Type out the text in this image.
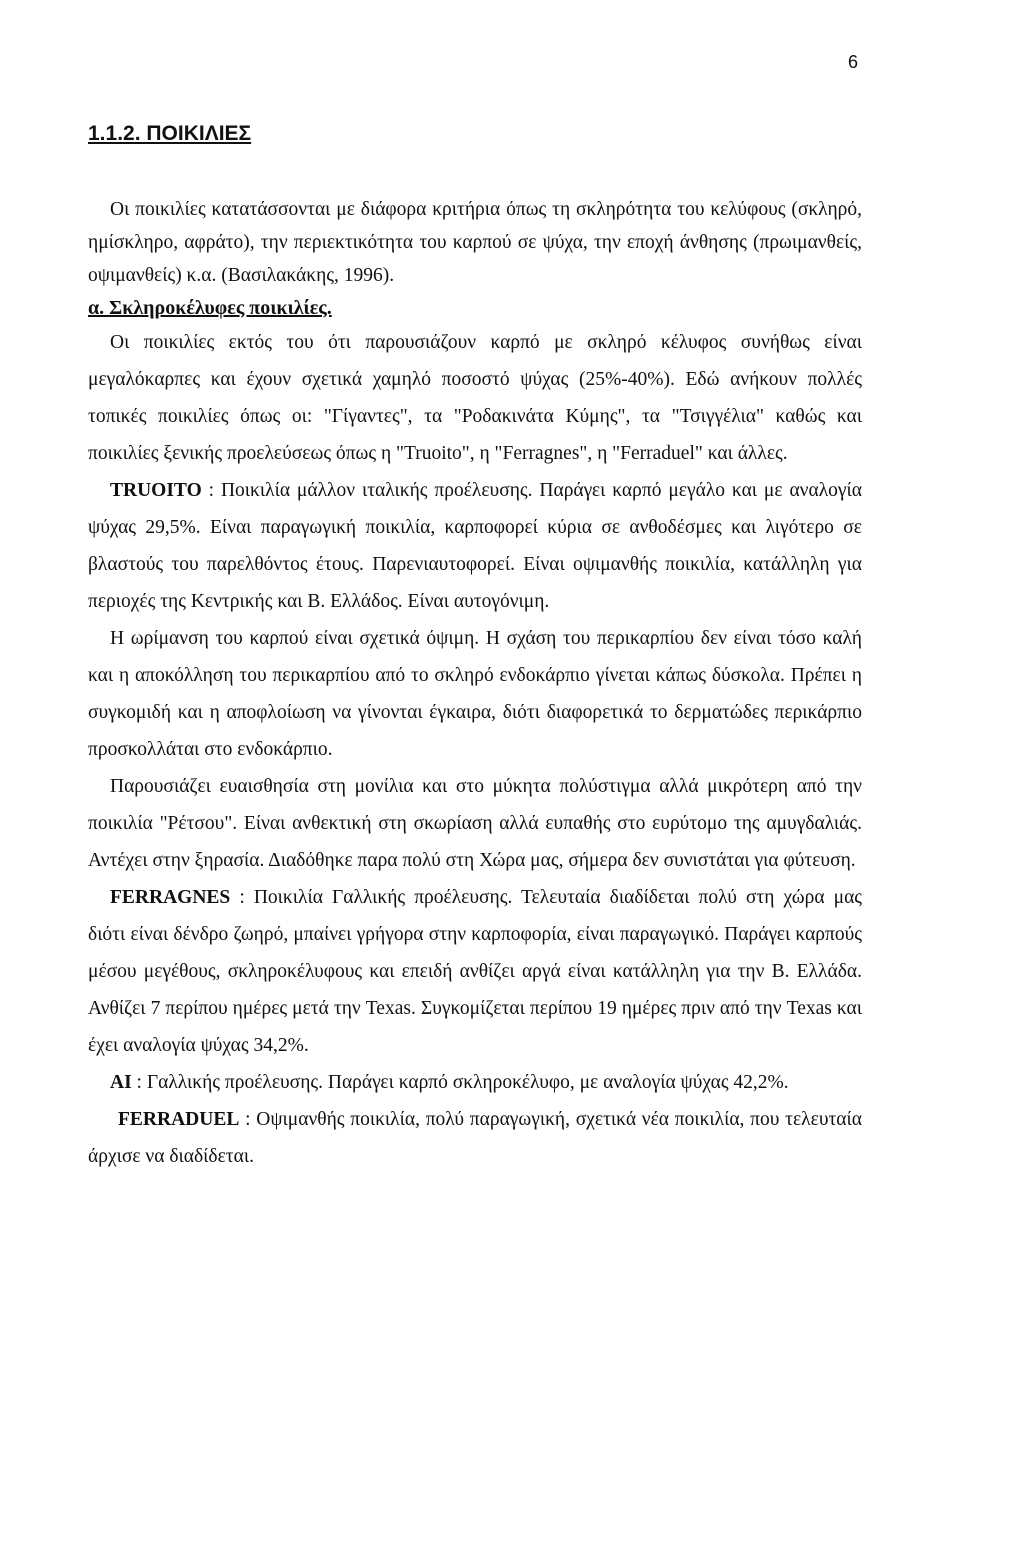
6
1.1.2. ΠΟΙΚΙΛΙΕΣ

Οι ποικιλίες κατατάσσονται με διάφορα κριτήρια όπως τη σκληρότητα του κελύφους (σκληρό, ημίσκληρο, αφράτο), την περιεκτικότητα του καρπού σε ψύχα, την εποχή άνθησης (πρωιμανθείς, οψιμανθείς) κ.α. (Βασιλακάκης, 1996).

α. Σκληροκέλυφες ποικιλίες.

Οι ποικιλίες εκτός του ότι παρουσιάζουν καρπό με σκληρό κέλυφος συνήθως είναι μεγαλόκαρπες και έχουν σχετικά χαμηλό ποσοστό ψύχας (25%-40%). Εδώ ανήκουν πολλές τοπικές ποικιλίες όπως οι: "Γίγαντες", τα "Ροδακινάτα Κύμης", τα "Τσιγγέλια" καθώς και ποικιλίες ξενικής προελεύσεως όπως η "Truoito", η "Ferragnes", η "Ferraduel" και άλλες.

TRUOITO : Ποικιλία μάλλον ιταλικής προέλευσης. Παράγει καρπό μεγάλο και με αναλογία ψύχας 29,5%. Είναι παραγωγική ποικιλία, καρποφορεί κύρια σε ανθοδέσμες και λιγότερο σε βλαστούς του παρελθόντος έτους. Παρενιαυτοφορεί. Είναι οψιμανθής ποικιλία, κατάλληλη για περιοχές της Κεντρικής και Β. Ελλάδος. Είναι αυτογόνιμη.

Η ωρίμανση του καρπού είναι σχετικά όψιμη. Η σχάση του περικαρπίου δεν είναι τόσο καλή και η αποκόλληση του περικαρπίου από το σκληρό ενδοκάρπιο γίνεται κάπως δύσκολα. Πρέπει η συγκομιδή και η αποφλοίωση να γίνονται έγκαιρα, διότι διαφορετικά το δερματώδες περικάρπιο προσκολλάται στο ενδοκάρπιο.

Παρουσιάζει ευαισθησία στη μονίλια και στο μύκητα πολύστιγμα αλλά μικρότερη από την ποικιλία "Ρέτσου". Είναι ανθεκτική στη σκωρίαση αλλά ευπαθής στο ευρύτομο της αμυγδαλιάς. Αντέχει στην ξηρασία. Διαδόθηκε παρα πολύ στη Χώρα μας, σήμερα δεν συνιστάται για φύτευση.

FERRAGNES : Ποικιλία Γαλλικής προέλευσης. Τελευταία διαδίδεται πολύ στη χώρα μας διότι είναι δένδρο ζωηρό, μπαίνει γρήγορα στην καρποφορία, είναι παραγωγικό. Παράγει καρπούς μέσου μεγέθους, σκληροκέλυφους και επειδή ανθίζει αργά είναι κατάλληλη για την Β. Ελλάδα. Ανθίζει 7 περίπου ημέρες μετά την Texas. Συγκομίζεται περίπου 19 ημέρες πριν από την Texas και έχει αναλογία ψύχας 34,2%.

AI : Γαλλικής προέλευσης. Παράγει καρπό σκληροκέλυφο, με αναλογία ψύχας 42,2%.

FERRADUEL : Οψιμανθής ποικιλία, πολύ παραγωγική, σχετικά νέα ποικιλία, που τελευταία άρχισε να διαδίδεται.
